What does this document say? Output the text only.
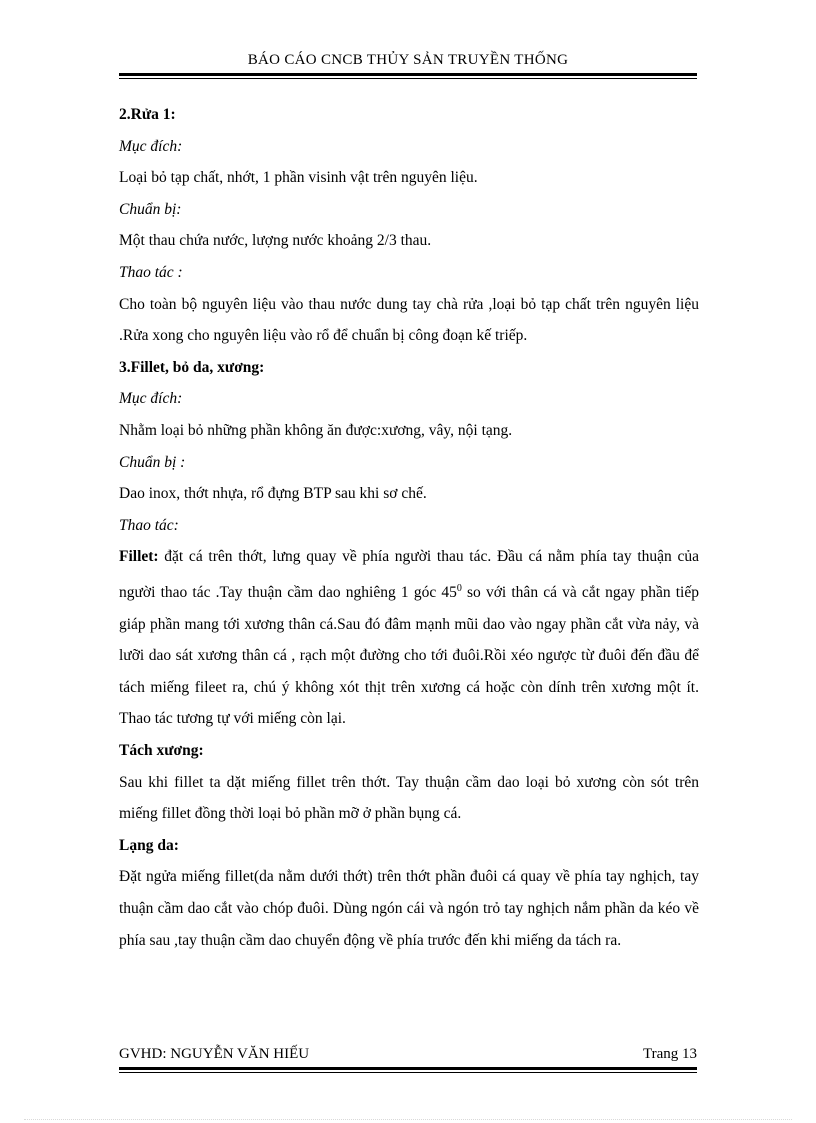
BÁO CÁO CNCB THỦY SẢN TRUYỀN THỐNG

2.Rửa 1:

Mục đích:

Loại bỏ tạp chất, nhớt, 1 phần visinh vật trên nguyên liệu.

Chuẩn bị:

Một thau chứa nước, lượng nước khoảng 2/3 thau.

Thao tác :

Cho toàn bộ nguyên liệu vào thau nước dung tay chà rửa ,loại bỏ tạp chất trên nguyên liệu .Rửa xong cho nguyên liệu vào rổ để chuẩn bị công đoạn kế triếp.

3.Fillet, bỏ da, xương:

Mục đích:

Nhằm loại bỏ những phần không ăn được:xương, vây, nội tạng.

Chuẩn bị :

Dao inox, thớt nhựa, rổ đựng BTP sau khi sơ chế.

Thao tác:

Fillet: đặt cá trên thớt, lưng quay về phía người thau tác. Đầu cá nằm phía tay thuận của người thao tác .Tay thuận cầm dao nghiêng 1 góc $45^0$ so với thân cá và cắt ngay phần tiếp giáp phần mang tới xương thân cá.Sau đó đâm mạnh mũi dao vào ngay phần cắt vừa nảy, và lưỡi dao sát xương thân cá , rạch một đường cho tới đuôi.Rồi xéo ngược từ đuôi đến đầu để tách miếng fileet ra, chú ý không xót thịt trên xương cá hoặc còn dính trên xương một ít. Thao tác tương tự với miếng còn lại.

Tách xương:

Sau khi fillet ta dặt miếng fillet trên thớt. Tay thuận cầm dao loại bỏ xương còn sót trên miếng fillet đồng thời loại bỏ phần mỡ ở phần bụng cá.

Lạng da:

Đặt ngửa miếng fillet(da nằm dưới thớt) trên thớt phần đuôi cá quay về phía tay nghịch, tay thuận cầm dao cắt vào chóp đuôi. Dùng ngón cái và ngón trỏ tay nghịch nắm phần da kéo về phía sau ,tay thuận cầm dao chuyển động về phía trước đến khi miếng da tách ra.

GVHD: NGUYỄN VĂN HIẾU	Trang 13
